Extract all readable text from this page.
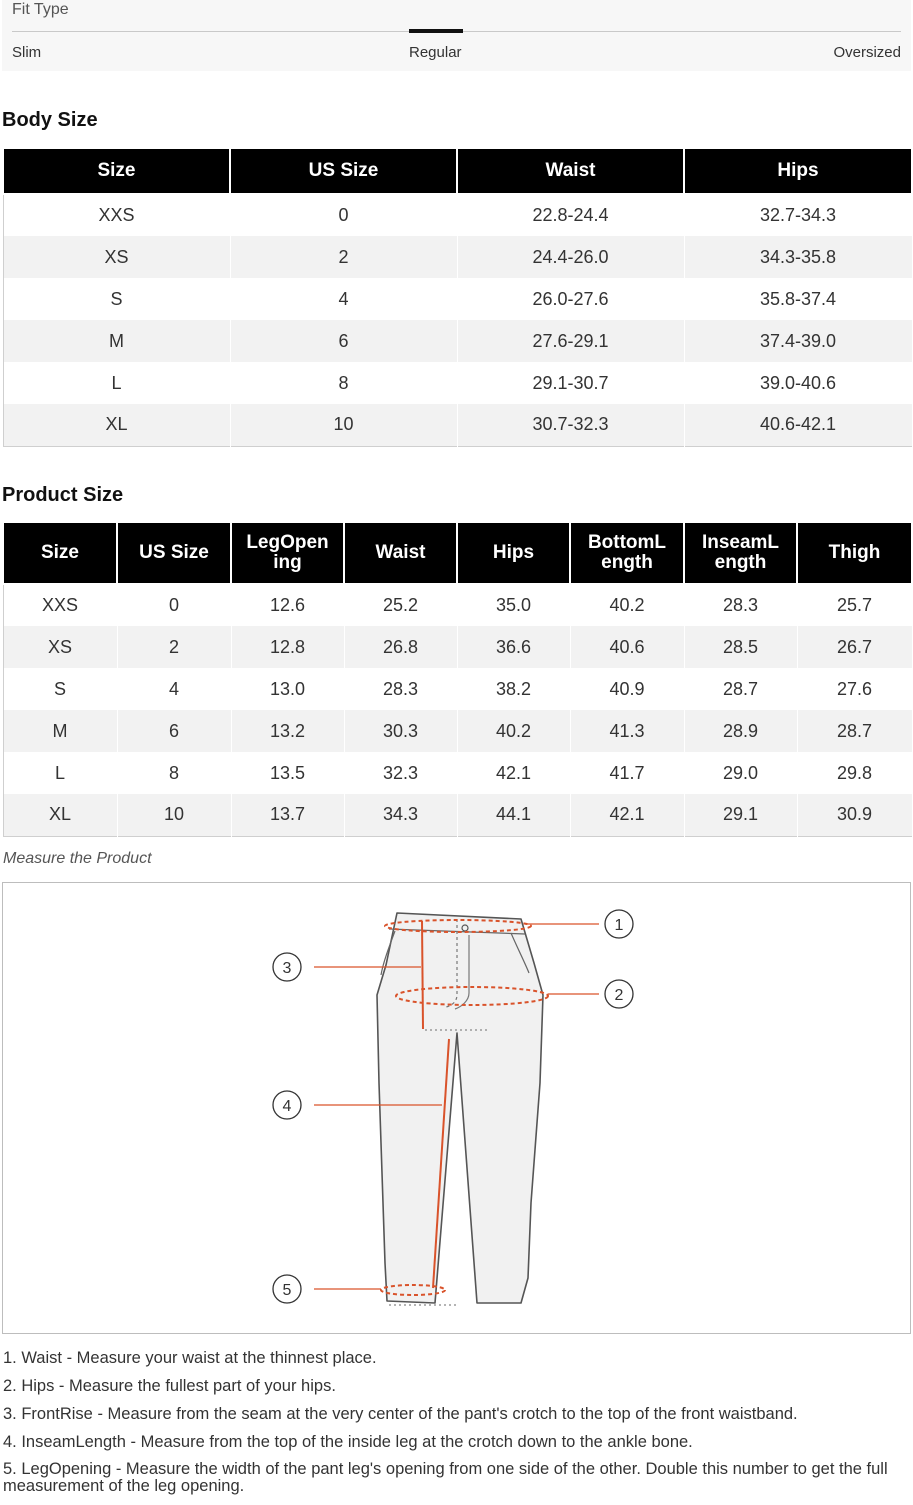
Fit Type
Slim	Regular	Oversized
Body Size
Size	US Size	Waist	Hips
XXS	0	22.8-24.4	32.7-34.3
XS	2	24.4-26.0	34.3-35.8
S	4	26.0-27.6	35.8-37.4
M	6	27.6-29.1	37.4-39.0
L	8	29.1-30.7	39.0-40.6
XL	10	30.7-32.3	40.6-42.1
Product Size
Size	US Size	LegOpen ing	Waist	Hips	BottomL ength	InseamL ength	Thigh
XXS	0	12.6	25.2	35.0	40.2	28.3	25.7
XS	2	12.8	26.8	36.6	40.6	28.5	26.7
S	4	13.0	28.3	38.2	40.9	28.7	27.6
M	6	13.2	30.3	40.2	41.3	28.9	28.7
L	8	13.5	32.3	42.1	41.7	29.0	29.8
XL	10	13.7	34.3	44.1	42.1	29.1	30.9
Measure the Product
1
2
3
4
5
1. Waist - Measure your waist at the thinnest place.
2. Hips - Measure the fullest part of your hips.
3. FrontRise - Measure from the seam at the very center of the pant's crotch to the top of the front waistband.
4. InseamLength - Measure from the top of the inside leg at the crotch down to the ankle bone.
5. LegOpening - Measure the width of the pant leg's opening from one side of the other. Double this number to get the full measurement of the leg opening.
